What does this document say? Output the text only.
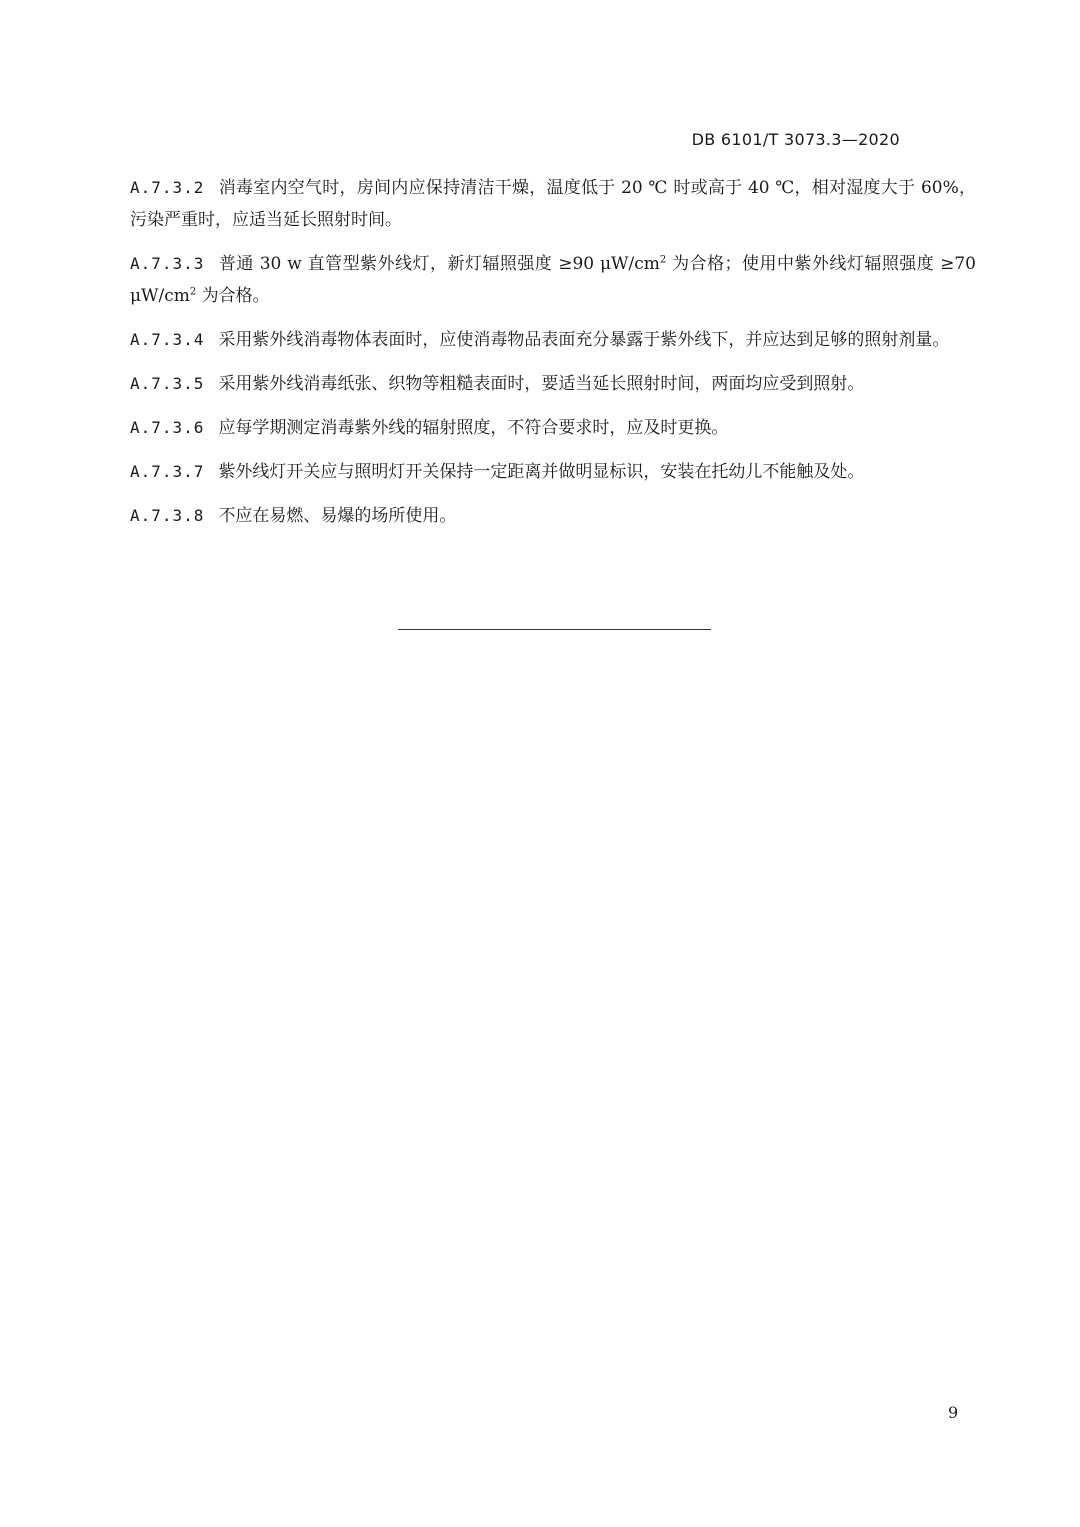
DB 6101/T 3073.3—2020

A.7.3.2 消毒室内空气时，房间内应保持清洁干燥，温度低于 20 ℃ 时或高于 40 ℃，相对湿度大于 60%，污染严重时，应适当延长照射时间。

A.7.3.3 普通 30 w 直管型紫外线灯，新灯辐照强度 ≥90 $\mu W/cm^2$ 为合格；使用中紫外线灯辐照强度 ≥70 $\mu W/cm^2$ 为合格。

A.7.3.4 采用紫外线消毒物体表面时，应使消毒物品表面充分暴露于紫外线下，并应达到足够的照射剂量。

A.7.3.5 采用紫外线消毒纸张、织物等粗糙表面时，要适当延长照射时间，两面均应受到照射。

A.7.3.6 应每学期测定消毒紫外线的辐射照度，不符合要求时，应及时更换。

A.7.3.7 紫外线灯开关应与照明灯开关保持一定距离并做明显标识，安装在托幼儿不能触及处。

A.7.3.8 不应在易燃、易爆的场所使用。

9
